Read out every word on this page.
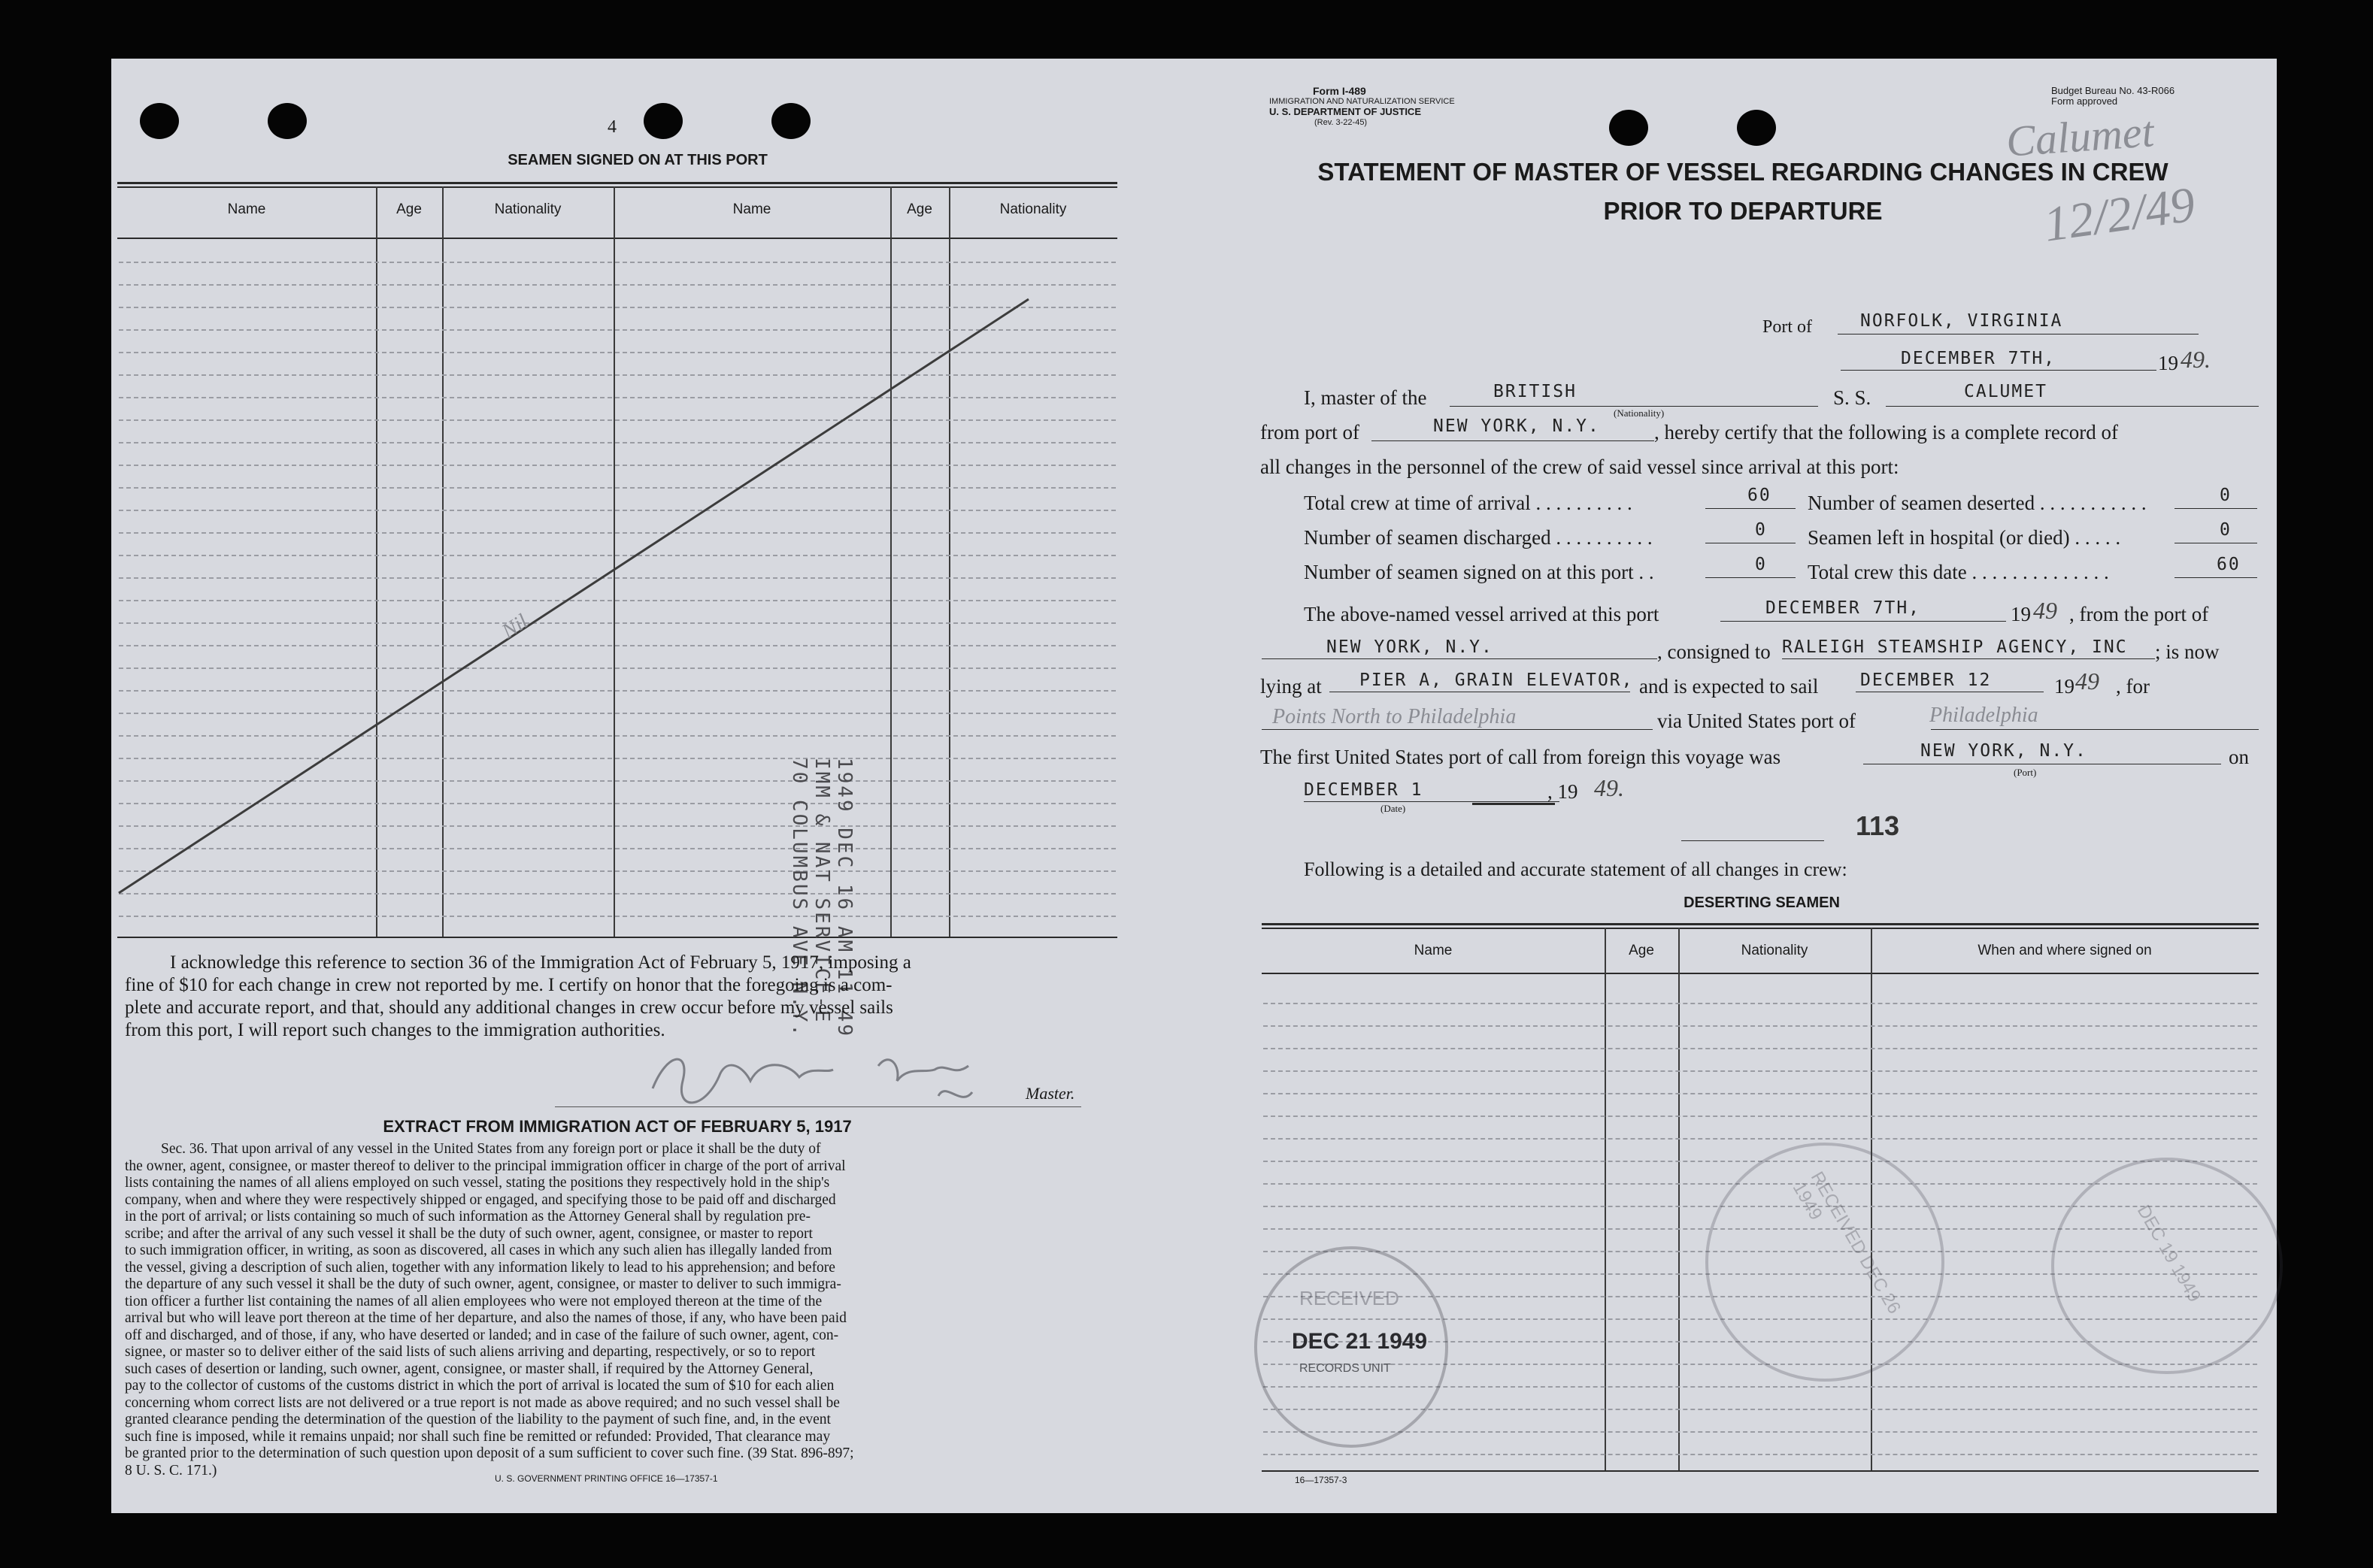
4
SEAMEN SIGNED ON AT THIS PORT
Name	Age	Nationality	Name	Age	Nationality
Nil
1949 DEC 16 AM 11 49
IMM & NAT SERVICE-E
70 COLUMBUS AVE N.Y.
I acknowledge this reference to section 36 of the Immigration Act of February 5, 1917, imposing a
fine of $10 for each change in crew not reported by me. I certify on honor that the foregoing is a com-
plete and accurate report, and that, should any additional changes in crew occur before my vessel sails
from this port, I will report such changes to the immigration authorities.
Master.
EXTRACT FROM IMMIGRATION ACT OF FEBRUARY 5, 1917
Sec. 36. That upon arrival of any vessel in the United States from any foreign port or place it shall be the duty of
the owner, agent, consignee, or master thereof to deliver to the principal immigration officer in charge of the port of arrival
lists containing the names of all aliens employed on such vessel, stating the positions they respectively hold in the ship's
company, when and where they were respectively shipped or engaged, and specifying those to be paid off and discharged
in the port of arrival; or lists containing so much of such information as the Attorney General shall by regulation pre-
scribe; and after the arrival of any such vessel it shall be the duty of such owner, agent, consignee, or master to report
to such immigration officer, in writing, as soon as discovered, all cases in which any such alien has illegally landed from
the vessel, giving a description of such alien, together with any information likely to lead to his apprehension; and before
the departure of any such vessel it shall be the duty of such owner, agent, consignee, or master to deliver to such immigra-
tion officer a further list containing the names of all alien employees who were not employed thereon at the time of the
arrival but who will leave port thereon at the time of her departure, and also the names of those, if any, who have been paid
off and discharged, and of those, if any, who have deserted or landed; and in case of the failure of such owner, agent, con-
signee, or master so to deliver either of the said lists of such aliens arriving and departing, respectively, or so to report
such cases of desertion or landing, such owner, agent, consignee, or master shall, if required by the Attorney General,
pay to the collector of customs of the customs district in which the port of arrival is located the sum of $10 for each alien
concerning whom correct lists are not delivered or a true report is not made as above required; and no such vessel shall be
granted clearance pending the determination of the question of the liability to the payment of such fine, and, in the event
such fine is imposed, while it remains unpaid; nor shall such fine be remitted or refunded: Provided, That clearance may
be granted prior to the determination of such question upon deposit of a sum sufficient to cover such fine. (39 Stat. 896-897;
8 U. S. C. 171.)
U. S. GOVERNMENT PRINTING OFFICE 16—17357-1
Form I-489
IMMIGRATION AND NATURALIZATION SERVICE
U. S. DEPARTMENT OF JUSTICE
(Rev. 3-22-45)
Budget Bureau No. 43-R066
Form approved
Calumet
12/2/49
STATEMENT OF MASTER OF VESSEL REGARDING CHANGES IN CREW
PRIOR TO DEPARTURE
Port of	NORFOLK, VIRGINIA
DECEMBER 7TH,	19 49.
I, master of the	BRITISH
(Nationality)
S. S.	CALUMET
from port of	NEW YORK, N.Y.	, hereby certify that the following is a complete record of
all changes in the personnel of the crew of said vessel since arrival at this port:
Total crew at time of arrival . . . . . . . . . .	60 Number of seamen deserted . . . . . . . . . . .	0
Number of seamen discharged . . . . . . . . . .	0 Seamen left in hospital (or died) . . . . .	0
Number of seamen signed on at this port . .	0 Total crew this date . . . . . . . . . . . . . .	60
The above-named vessel arrived at this port	DECEMBER 7TH,	19 49 , from the port of
NEW YORK, N.Y.	, consigned to RALEIGH STEAMSHIP AGENCY, INC ; is now
lying at PIER A, GRAIN ELEVATOR, and is expected to sail DECEMBER 12	19 49 , for
Points North to Philadelphia	via United States port of	Philadelphia
The first United States port of call from foreign this voyage was	NEW YORK, N.Y.
(Port)
on
DECEMBER 1
(Date)
, 19 49.
113
Following is a detailed and accurate statement of all changes in crew:
DESERTING SEAMEN
Name	Age	Nationality	When and where signed on
RECEIVED
DEC 21 1949
RECORDS UNIT
RECEIVED DEC 26 1949
DEC 19 1949
16—17357-3
